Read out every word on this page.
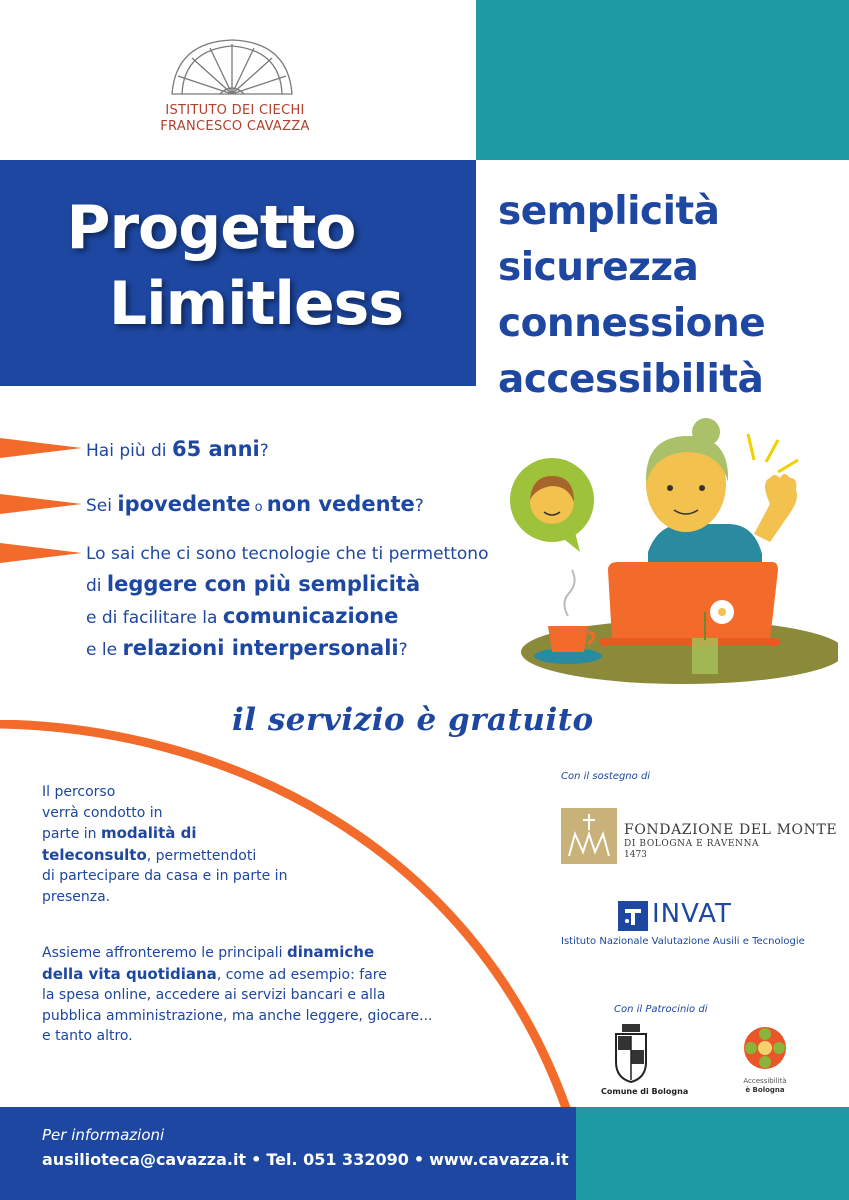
ISTITUTO DEI CIECHI
FRANCESCO CAVAZZA
Progetto
Limitless
semplicità
sicurezza
connessione
accessibilità
Hai più di 65 anni?
Sei ipovedente o non vedente?
Lo sai che ci sono tecnologie che ti permettono
di leggere con più semplicità
e di facilitare la comunicazione
e le relazioni interpersonali?
il servizio è gratuito
Il percorso
verrà condotto in
parte in modalità di
teleconsulto, permettendoti
di partecipare da casa e in parte in
presenza.
Assieme affronteremo le principali dinamiche
della vita quotidiana, come ad esempio: fare
la spesa online, accedere ai servizi bancari e alla
pubblica amministrazione, ma anche leggere, giocare...
e tanto altro.
Con il sostegno di
FONDAZIONE DEL MONTE
DI BOLOGNA E RAVENNA
1473
INVAT
Istituto Nazionale Valutazione Ausili e Tecnologie
Con il Patrocinio di
Comune di Bologna
Accessibilità
è Bologna
Per informazioni
ausilioteca@cavazza.it • Tel. 051 332090 • www.cavazza.it
